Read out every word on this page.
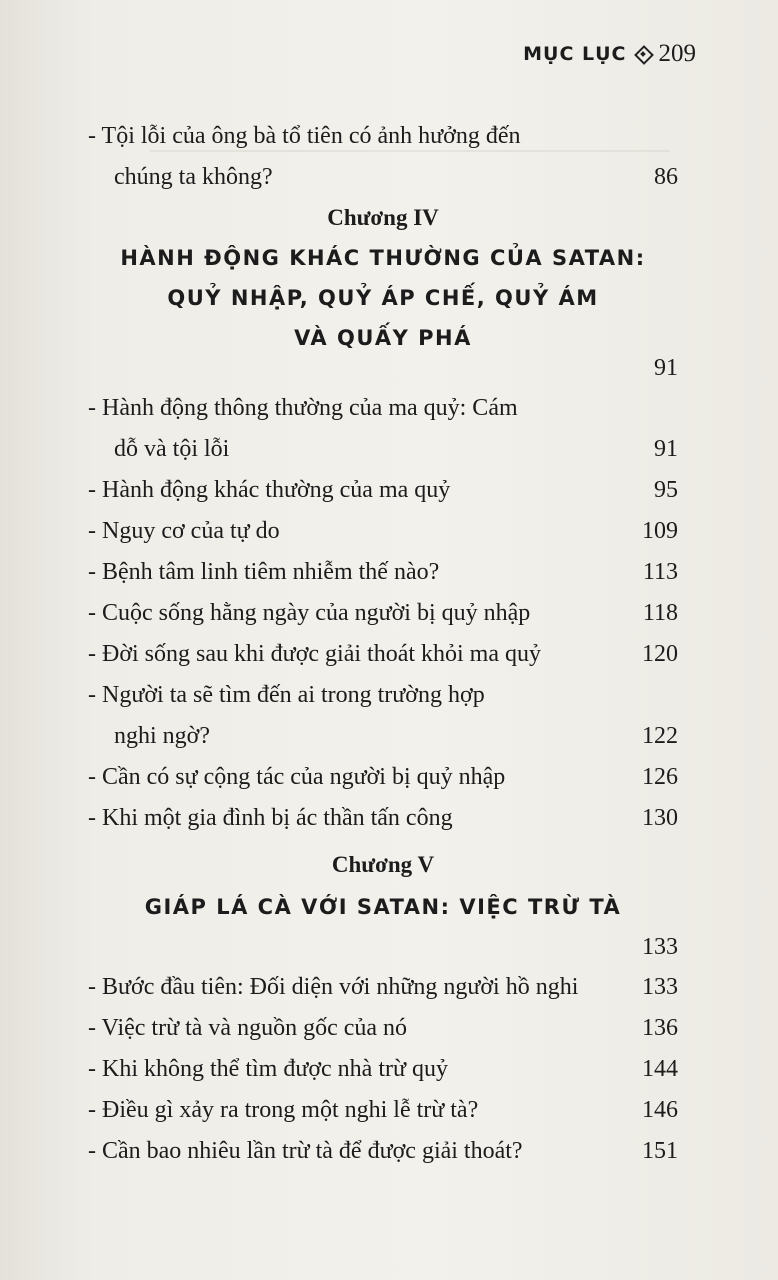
MỤC LỤC 209
- Tội lỗi của ông bà tổ tiên có ảnh hưởng đến
chúng ta không?	86
Chương IV
HÀNH ĐỘNG KHÁC THƯỜNG CỦA SATAN:
QUỶ NHẬP, QUỶ ÁP CHẾ, QUỶ ÁM
VÀ QUẤY PHÁ
91
- Hành động thông thường của ma quỷ: Cám
dỗ và tội lỗi	91
- Hành động khác thường của ma quỷ	95
- Nguy cơ của tự do	109
- Bệnh tâm linh tiêm nhiễm thế nào?	113
- Cuộc sống hằng ngày của người bị quỷ nhập	118
- Đời sống sau khi được giải thoát khỏi ma quỷ	120
- Người ta sẽ tìm đến ai trong trường hợp
nghi ngờ?	122
- Cần có sự cộng tác của người bị quỷ nhập	126
- Khi một gia đình bị ác thần tấn công	130
Chương V
GIÁP LÁ CÀ VỚI SATAN: VIỆC TRỪ TÀ
133
- Bước đầu tiên: Đối diện với những người hồ nghi	133
- Việc trừ tà và nguồn gốc của nó	136
- Khi không thể tìm được nhà trừ quỷ	144
- Điều gì xảy ra trong một nghi lễ trừ tà?	146
- Cần bao nhiêu lần trừ tà để được giải thoát?	151
